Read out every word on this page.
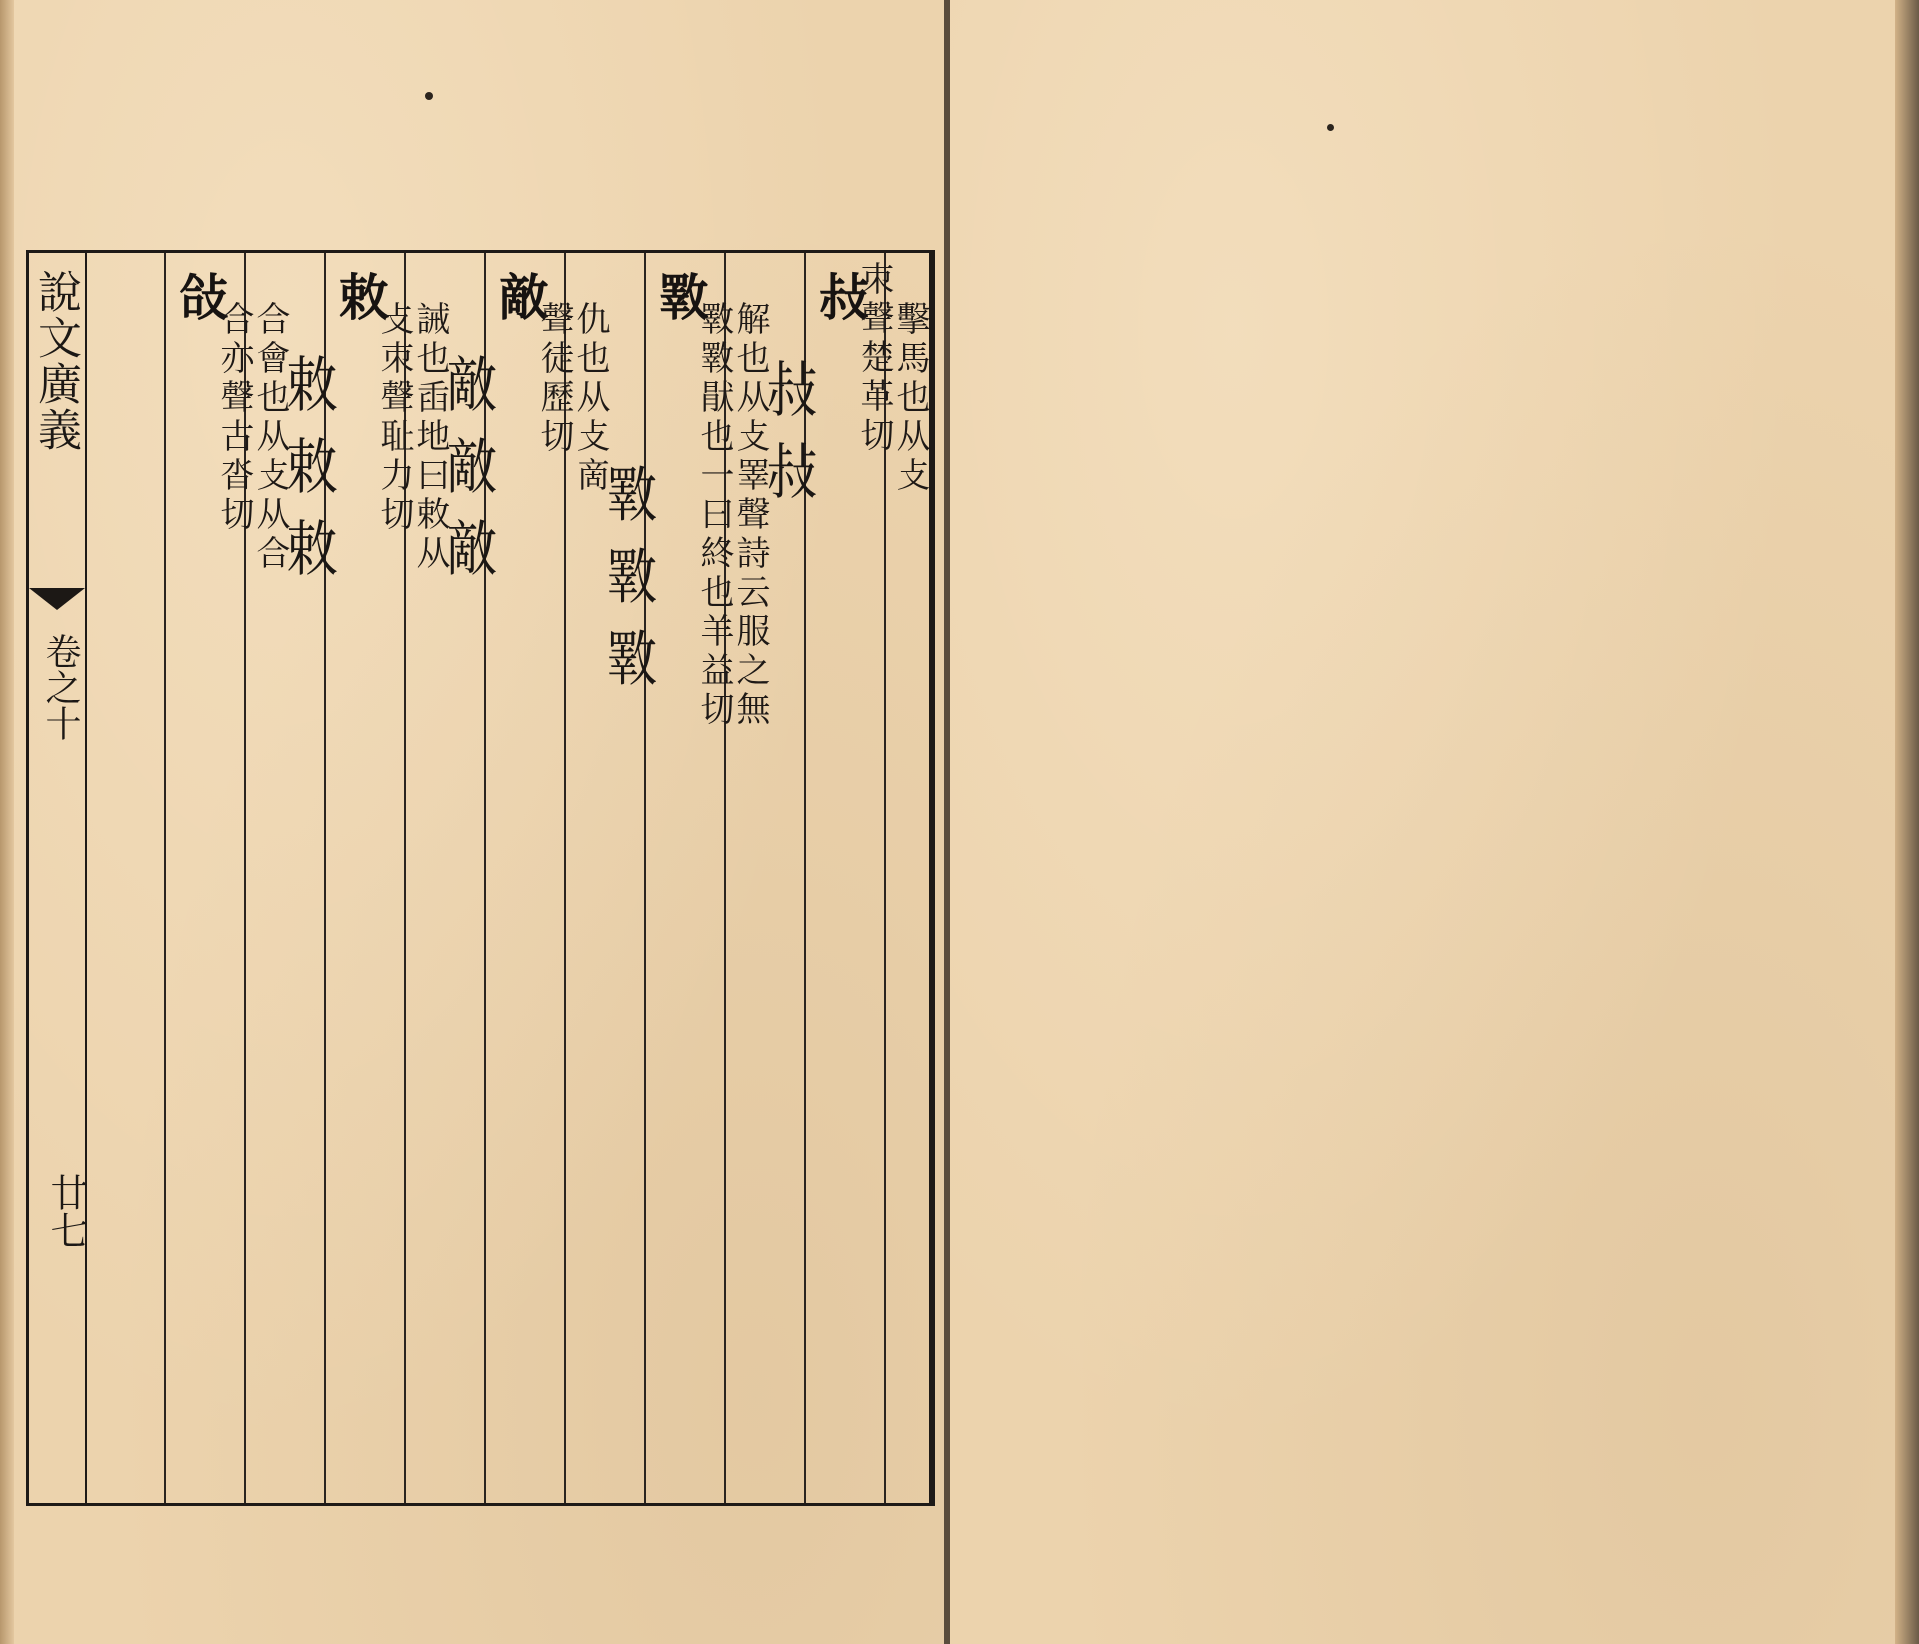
說文廣義
卷之十
廿七
敊
擊馬也从攴
朿聲楚革切
敊敊
斁
解也从攴睪聲詩云服之無
斁斁猒也一曰終也羊益切
斁斁斁
敵
仇也从攴啇
聲徒歷切
敵敵敵
敕
誡也臿地曰敕从
攴朿聲耻力切
敕敕敕
敆
合會也从攴从合
合亦聲古沓切
